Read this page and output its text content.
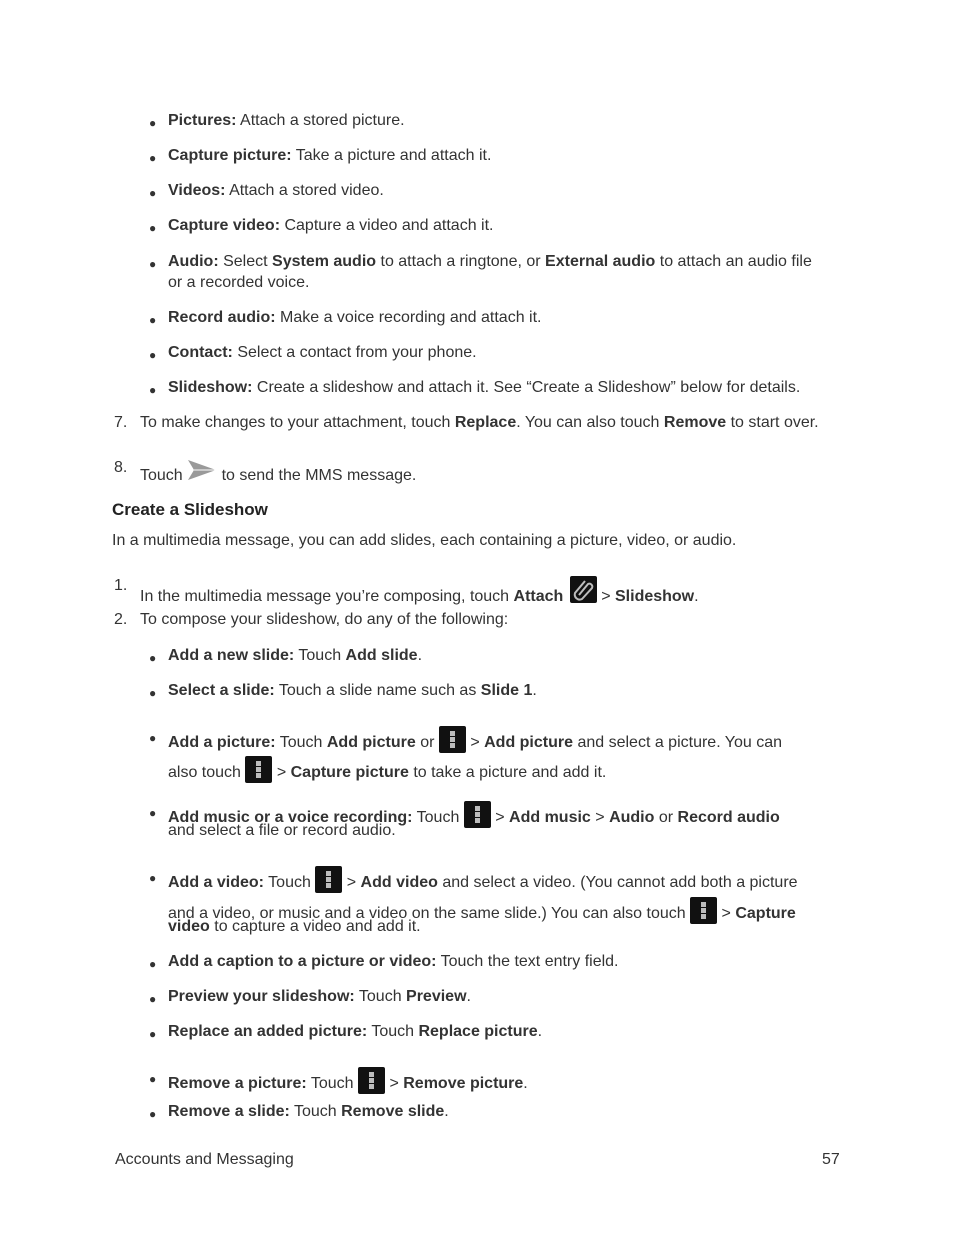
● Pictures: Attach a stored picture.
● Capture picture: Take a picture and attach it.
● Videos: Attach a stored video.
● Capture video: Capture a video and attach it.
● Audio: Select System audio to attach a ringtone, or External audio to attach an audio file
or a recorded voice.
● Record audio: Make a voice recording and attach it.
● Contact: Select a contact from your phone.
● Slideshow: Create a slideshow and attach it. See “Create a Slideshow” below for details.
7. To make changes to your attachment, touch Replace. You can also touch Remove to start over.
8. Touch  to send the MMS message.
Create a Slideshow
In a multimedia message, you can add slides, each containing a picture, video, or audio.
1.
In the multimedia message you’re composing, touch Attach  > Slideshow.
2. To compose your slideshow, do any of the following:
● Add a new slide: Touch Add slide.
● Select a slide: Touch a slide name such as Slide 1.
● Add a picture: Touch Add picture or
> Add picture and select a picture. You can
also touch
> Capture picture to take a picture and add it.
● Add music or a voice recording: Touch
> Add music > Audio or Record audio
and select a file or record audio.
● Add a video: Touch
> Add video and select a video. (You cannot add both a picture
and a video, or music and a video on the same slide.) You can also touch
> Capture
video to capture a video and add it.
● Add a caption to a picture or video: Touch the text entry field.
● Preview your slideshow: Touch Preview.
● Replace an added picture: Touch Replace picture.
● Remove a picture: Touch
> Remove picture.
● Remove a slide: Touch Remove slide.
Accounts and Messaging	57
